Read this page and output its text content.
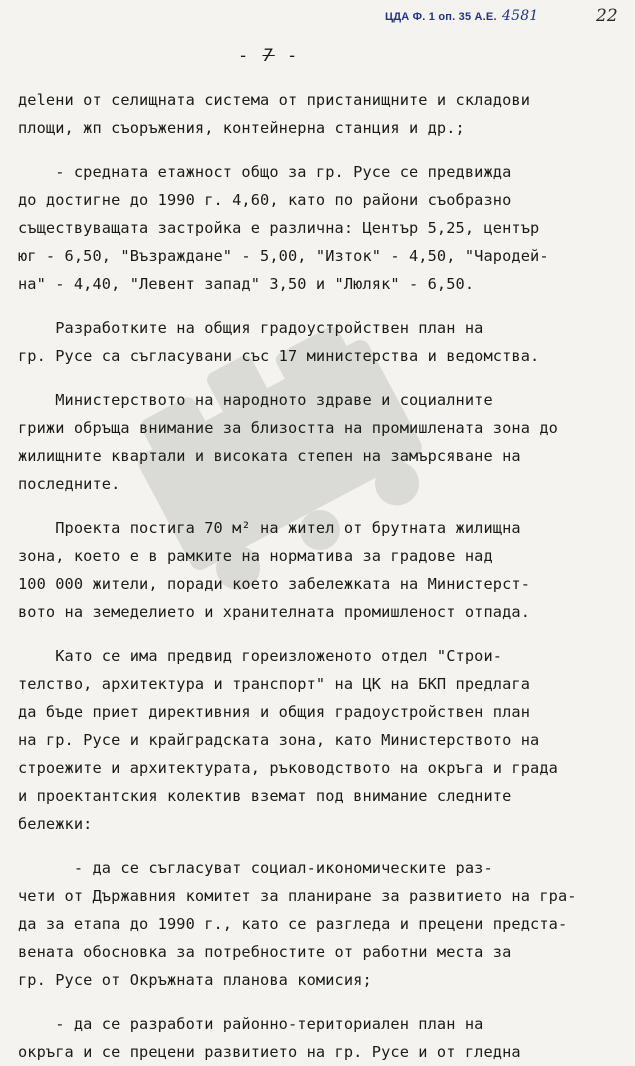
ЦДА Ф. 1 оп. 35 А.Е. 4581	22
- 7 -
деleни от селищната система от пристанищните и складови
площи, жп съоръжения, контейнерна станция и др.;
- средната етажност общо за гр. Русе се предвижда
до достигне до 1990 г. 4,60, като по райони съобразно
съществуващата застройка е различна: Център 5,25, център
юг - 6,50, "Възраждане" - 5,00, "Изток" - 4,50, "Чародей-
на" - 4,40, "Левент запад" 3,50 и "Люляк" - 6,50.
Разработките на общия градоустройствен план на
гр. Русе са съгласувани със 17 министерства и ведомства.
Министерството на народното здраве и социалните
грижи обръща внимание за близостта на промишлената зона до
жилищните квартали и високата степен на замърсяване на
последните.
Проекта постига 70 м² на жител от брутната жилищна
зона, което е в рамките на норматива за градове над
100 000 жители, поради което забележката на Министерст-
вото на земеделието и хранителната промишленост отпада.
Като се има предвид гореизложеното отдел "Строи-
телство, архитектура и транспорт" на ЦК на БКП предлага
да бъде приет директивния и общия градоустройствен план
на гр. Русе и крайградската зона, като Министерството на
строежите и архитектурата, ръководството на окръга и града
и проектантския колектив вземат под внимание следните
бележки:
- да се съгласуват социал-икономическите раз-
чети от Държавния комитет за планиране за развитието на гра-
да за етапа до 1990 г., като се разгледа и прецени предста-
вената обосновка за потребностите от работни места за
гр. Русе от Окръжната планова комисия;
- да се разработи районно-териториален план на
окръга и се прецени развитието на гр. Русе и от гледна
